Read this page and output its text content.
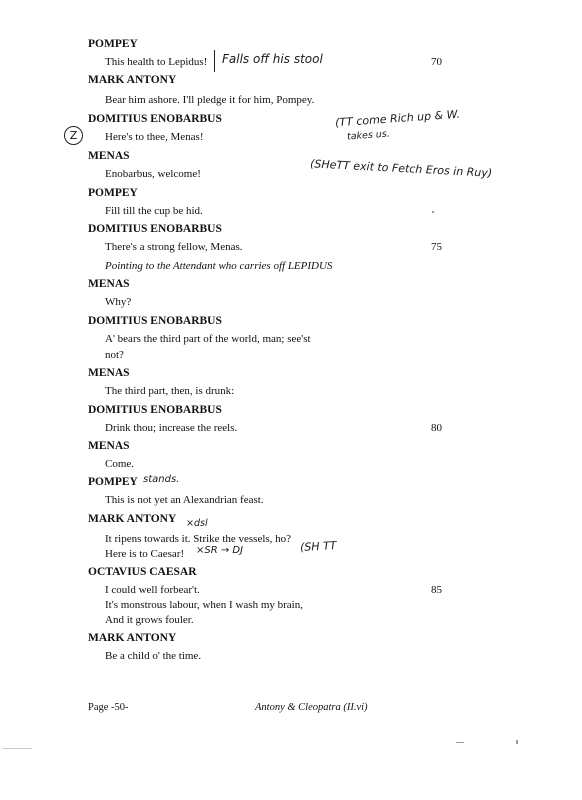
POMPEY
This health to Lepidus!	70
MARK ANTONY
Bear him ashore. I'll pledge it for him, Pompey.
DOMITIUS ENOBARBUS
Here's to thee, Menas!
MENAS
Enobarbus, welcome!
POMPEY
Fill till the cup be hid.
DOMITIUS ENOBARBUS
There's a strong fellow, Menas.	75
Pointing to the Attendant who carries off LEPIDUS
MENAS
Why?
DOMITIUS ENOBARBUS
A' bears the third part of the world, man; see'st
not?
MENAS
The third part, then, is drunk:
DOMITIUS ENOBARBUS
Drink thou; increase the reels.	80
MENAS
Come.
POMPEY
This is not yet an Alexandrian feast.
MARK ANTONY
It ripens towards it. Strike the vessels, ho?
Here is to Caesar!
OCTAVIUS CAESAR
I could well forbear't.	85
It's monstrous labour, when I wash my brain,
And it grows fouler.
MARK ANTONY
Be a child o' the time.
Falls off his stool
Z
(TT come Rich up & W.
takes us.
(SHeTT exit to Fetch Eros in Ruy)
stands.
×dsl
×SR → DJ	(SH TT
Page -50-	Antony & Cleopatra (II.vi)
